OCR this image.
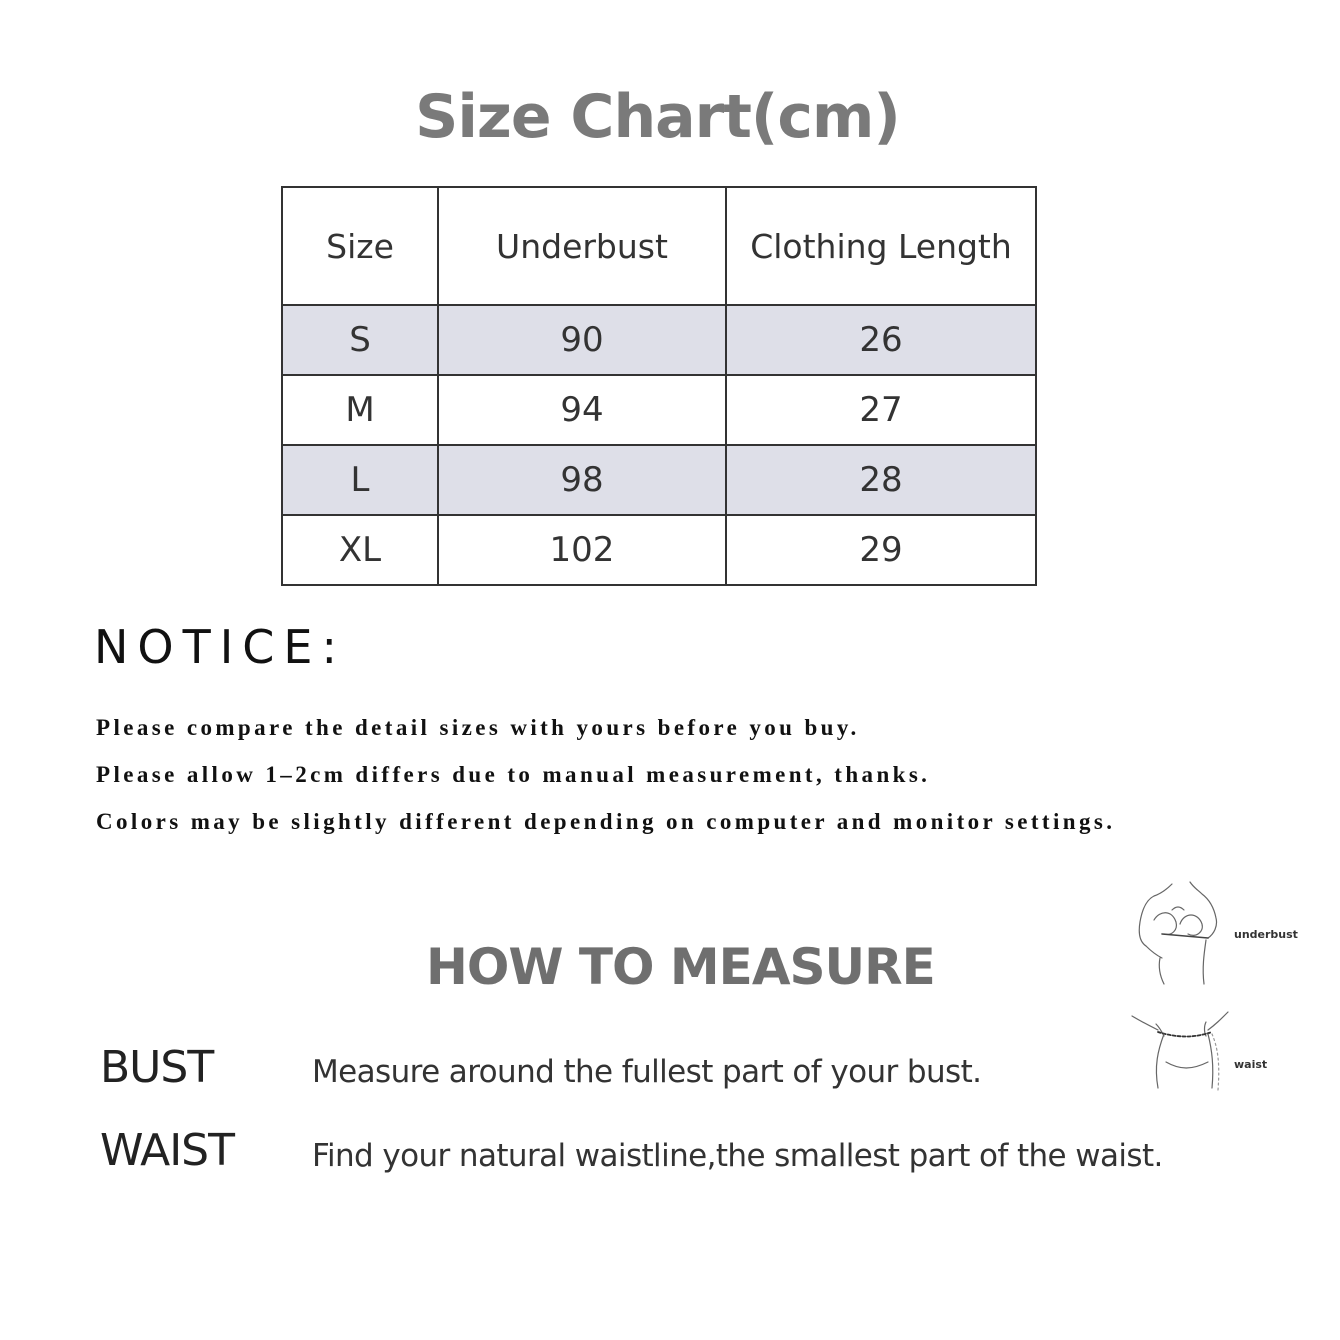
Size Chart(cm)
Size	Underbust	Clothing Length
S	90	26
M	94	27
L	98	28
XL	102	29
NOTICE:
Please compare the detail sizes with yours before you buy.
Please allow 1–2cm differs due to manual measurement, thanks.
Colors may be slightly different depending on computer and monitor settings.
HOW TO MEASURE
BUST	Measure around the fullest part of your bust.
WAIST	Find your natural waistline,the smallest part of the waist.
underbust
waist
